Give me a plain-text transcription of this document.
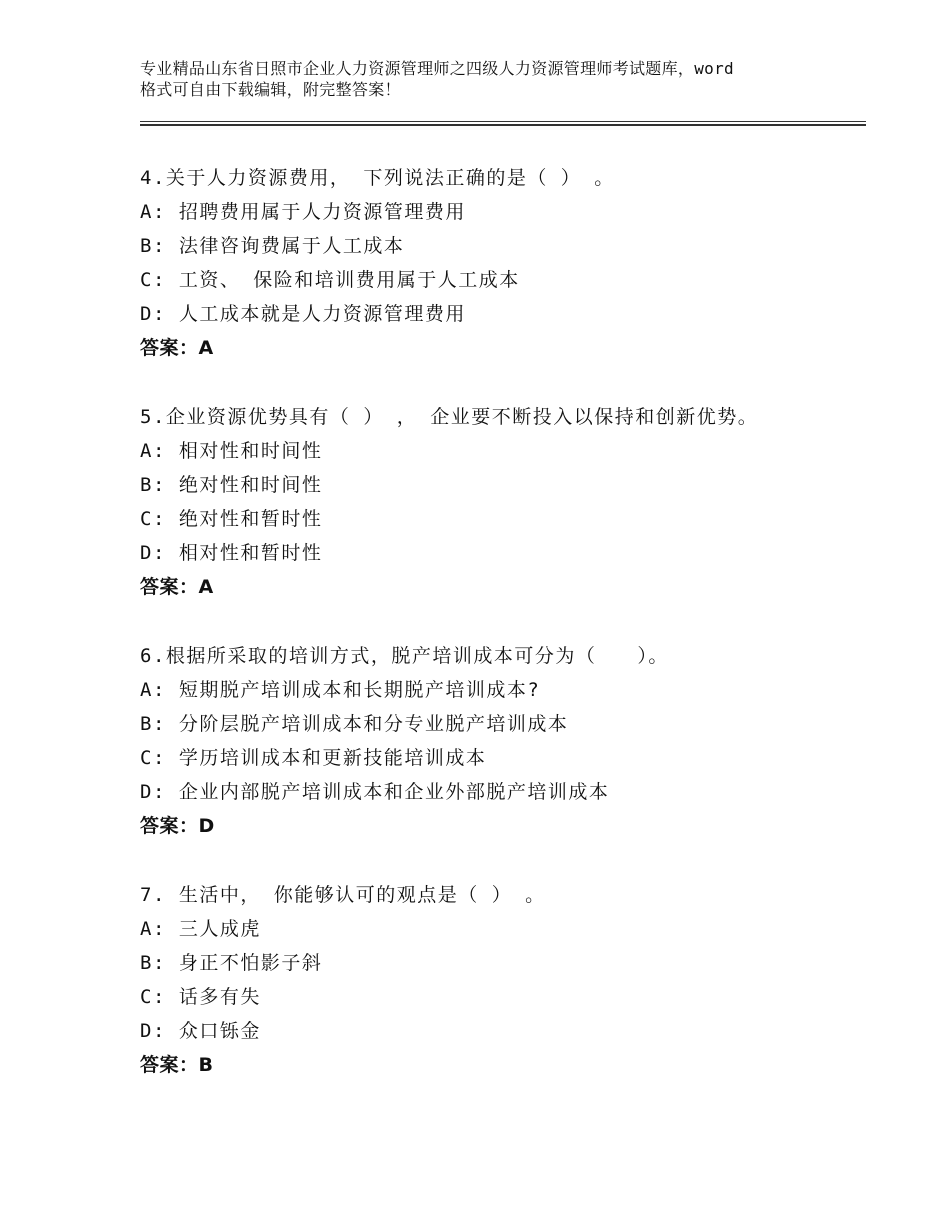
专业精品山东省日照市企业人力资源管理师之四级人力资源管理师考试题库，word
格式可自由下载编辑，附完整答案！
4.关于人力资源费用， 下列说法正确的是（ ） 。
A: 招聘费用属于人力资源管理费用
B: 法律咨询费属于人工成本
C: 工资、 保险和培训费用属于人工成本
D: 人工成本就是人力资源管理费用
答案：A
5.企业资源优势具有（ ） ， 企业要不断投入以保持和创新优势。
A: 相对性和时间性
B: 绝对性和时间性
C: 绝对性和暂时性
D: 相对性和暂时性
答案：A
6.根据所采取的培训方式，脱产培训成本可分为（　　）。
A: 短期脱产培训成本和长期脱产培训成本?
B: 分阶层脱产培训成本和分专业脱产培训成本
C: 学历培训成本和更新技能培训成本
D: 企业内部脱产培训成本和企业外部脱产培训成本
答案：D
7. 生活中， 你能够认可的观点是（ ） 。
A: 三人成虎
B: 身正不怕影子斜
C: 话多有失
D: 众口铄金
答案：B
